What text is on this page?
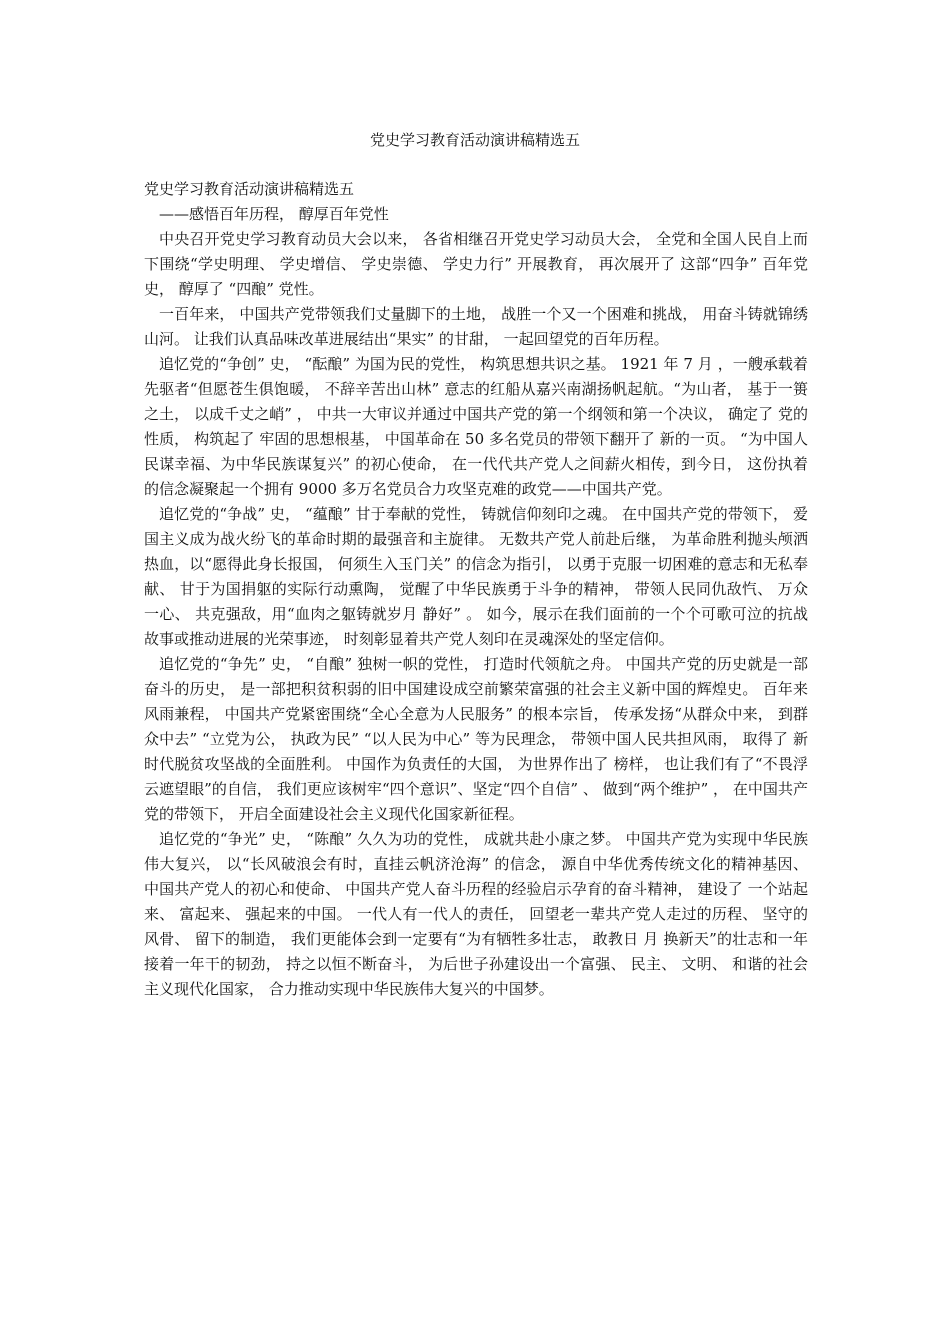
党史学习教育活动演讲稿精选五

党史学习教育活动演讲稿精选五

——感悟百年历程， 醇厚百年党性

中央召开党史学习教育动员大会以来， 各省相继召开党史学习动员大会， 全党和全国人民自上而下围绕“学史明理、 学史增信、 学史崇德、 学史力行” 开展教育， 再次展开了 这部“四争” 百年党史， 醇厚了 “四酿” 党性。

一百年来， 中国共产党带领我们丈量脚下的土地， 战胜一个又一个困难和挑战， 用奋斗铸就锦绣山河。 让我们认真品味改革进展结出“果实” 的甘甜， 一起回望党的百年历程。

追忆党的“争创” 史， “酝酿” 为国为民的党性， 构筑思想共识之基。 1921 年 7 月 ，一艘承载着先驱者“但愿苍生俱饱暖， 不辞辛苦出山林” 意志的红船从嘉兴南湖扬帆起航。“为山者， 基于一篑之土， 以成千丈之峭” ， 中共一大审议并通过中国共产党的第一个纲领和第一个决议， 确定了 党的性质， 构筑起了 牢固的思想根基， 中国革命在 50 多名党员的带领下翻开了 新的一页。 “为中国人民谋幸福、为中华民族谋复兴” 的初心使命， 在一代代共产党人之间薪火相传，到今日， 这份执着的信念凝聚起一个拥有 9000 多万名党员合力攻坚克难的政党——中国共产党。

追忆党的“争战” 史， “蕴酿” 甘于奉献的党性， 铸就信仰刻印之魂。 在中国共产党的带领下， 爱国主义成为战火纷飞的革命时期的最强音和主旋律。 无数共产党人前赴后继， 为革命胜利抛头颅洒热血，以“愿得此身长报国， 何须生入玉门关” 的信念为指引， 以勇于克服一切困难的意志和无私奉献、 甘于为国捐躯的实际行动熏陶， 觉醒了中华民族勇于斗争的精神， 带领人民同仇敌忾、 万众一心、 共克强敌，用“血肉之躯铸就岁月 静好” 。 如今，展示在我们面前的一个个可歌可泣的抗战故事或推动进展的光荣事迹， 时刻彰显着共产党人刻印在灵魂深处的坚定信仰。

追忆党的“争先” 史， “自酿” 独树一帜的党性， 打造时代领航之舟。 中国共产党的历史就是一部奋斗的历史， 是一部把积贫积弱的旧中国建设成空前繁荣富强的社会主义新中国的辉煌史。 百年来风雨兼程， 中国共产党紧密围绕“全心全意为人民服务” 的根本宗旨， 传承发扬“从群众中来， 到群众中去” “立党为公， 执政为民” “以人民为中心” 等为民理念， 带领中国人民共担风雨， 取得了 新时代脱贫攻坚战的全面胜利。 中国作为负责任的大国， 为世界作出了 榜样， 也让我们有了“不畏浮云遮望眼”的自信， 我们更应该树牢“四个意识”、坚定“四个自信” 、 做到“两个维护” ， 在中国共产党的带领下， 开启全面建设社会主义现代化国家新征程。

追忆党的“争光” 史， “陈酿” 久久为功的党性， 成就共赴小康之梦。 中国共产党为实现中华民族伟大复兴， 以“长风破浪会有时，直挂云帆济沧海” 的信念， 源自中华优秀传统文化的精神基因、 中国共产党人的初心和使命、 中国共产党人奋斗历程的经验启示孕育的奋斗精神， 建设了 一个站起来、 富起来、 强起来的中国。 一代人有一代人的责任， 回望老一辈共产党人走过的历程、 坚守的风骨、 留下的制造， 我们更能体会到一定要有“为有牺牲多壮志， 敢教日 月 换新天”的壮志和一年接着一年干的韧劲， 持之以恒不断奋斗， 为后世子孙建设出一个富强、 民主、 文明、 和谐的社会主义现代化国家， 合力推动实现中华民族伟大复兴的中国梦。
